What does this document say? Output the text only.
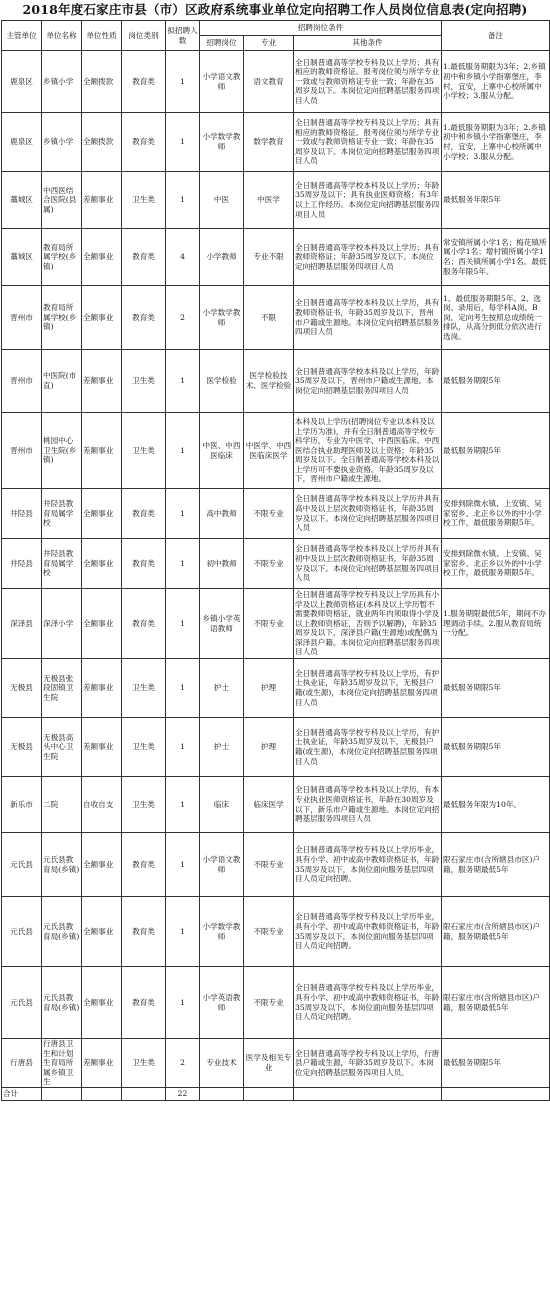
2018年度石家庄市县（市）区政府系统事业单位定向招聘工作人员岗位信息表(定向招聘)
主管单位	单位名称	单位性质	岗位类别	拟招聘人数	招聘岗位条件			备注
					招聘岗位	专业	其他条件	
鹿泉区	乡镇小学	全额拨款	教育类	1	小学语文教师	语文教育	全日制普通高等学校专科及以上学历；具有相应的教师资格证。报考岗位须与所学专业一致或与教师资格证专业一致；年龄在35周岁及以下。本岗位定向招聘基层服务四项目人员	1.最低服务期限为3年；2.乡镇初中和乡镇小学指寨堡庄，李村，宜安，上寨中心校所属中小学校；3.服从分配。
鹿泉区	乡镇小学	全额拨款	教育类	1	小学数学教师	数学教育	全日制普通高等学校专科及以上学历；具有相应的教师资格证。报考岗位须与所学专业一致或与教师资格证专业一致；年龄在35周岁及以下。本岗位定向招聘基层服务四项目人员	1.最低服务期限为3年；2.乡镇初中和乡镇小学指寨堡庄，李村，宜安，上寨中心校所属中小学校；3.服从分配。
藁城区	中西医结合医院(县属)	差额事业	卫生类	1	中医	中医学	全日制普通高等学校本科及以上学历；年龄35周岁及以下；具有执业医师资格；有3年以上工作经历。本岗位定向招聘基层服务四项目人员	最低服务年限5年
藁城区	教育局所属学校(乡镇)	全额事业	教育类	4	小学教师	专业不限	全日制普通高等学校本科及以上学历；具有教师资格证；年龄35周岁及以下。本岗位定向招聘基层服务四项目人员	常安镇所属小学1名；梅花镇所属小学1名；增村镇所属小学1名；西关镇所属小学1名。最低服务年限5年。
晋州市	教育局所属学校(乡镇)	全额事业	教育类	2	小学数学教师	不限	全日制普通高等学校本科及以上学历，具有教师资格证书，年龄35周岁及以下，晋州市户籍或生源地。本岗位定向招聘基层服务四项目人员	1、最低服务期限5年。2、选岗、录用后，每学科A岗、B岗，定向考生按照总成绩统一排队，从高分到低分依次进行选岗。
晋州市	中医院(市直)	差额事业	卫生类	1	医学检验	医学检验技术、医学检验	全日制普通高等学校本科及以上学历，年龄35周岁及以下，晋州市户籍或生源地。本岗位定向招聘基层服务四项目人员	最低服务期限5年
晋州市	桃园中心卫生院(乡镇)	差额事业	卫生类	1	中医、中西医临床	中医学、中西医临床医学	本科及以上学历(招聘岗位专业以本科及以上学历为准)，并有全日制普通高等学校专科学历，专业为中医学、中西医临床、中西医结合执业助理医师及以上资格；年龄35周岁及以下。全日制普通高等学校本科及以上学历可不要执业资格。年龄35周岁及以下，晋州市户籍或生源地。	最低服务期限5年
井陉县	井陉县教育局属学校	全额事业	教育类	1	高中教师	不限专业	全日制普通高等学校本科及以上学历并具有高中及以上层次教师资格证书，年龄35周岁及以下。本岗位定向招聘基层服务四项目人员	安排到除微水镇、上安镇、吴家窑乡、北正乡以外的中小学校工作，最低服务期限5年。
井陉县	井陉县教育局属学校	全额事业	教育类	1	初中教师	不限专业	全日制普通高等学校本科及以上学历并具有初中及以上层次教师资格证书，年龄35周岁及以下。本岗位定向招聘基层服务四项目人员	安排到除微水镇、上安镇、吴家窑乡、北正乡以外的中小学校工作，最低服务期限5年。
深泽县	深泽小学	全额事业	教育类	1	乡镇小学英语教师	不限专业	全日制普通高等学校专科及以上学历具有小学及以上教师资格证(本科及以上学历暂不需要教师资格证，就业两年内须取得小学及以上教师资格证，否则予以解聘)，年龄35周岁及以下，深泽县户籍(生源地)或配偶为深泽县户籍。本岗位定向招聘基层服务四项目人员	1.服务期限最低5年，期间不办理调动手续。2.服从教育局统一分配。
无极县	无极县张段固镇卫生院	差额事业	卫生类	1	护士	护理	全日制普通高等学校专科及以上学历，有护士执业证，年龄35周岁及以下，无极县户籍(或生源)，本岗位定向招聘基层服务四项目人员	最低服务期限5年
无极县	无极县高头中心卫生院	差额事业	卫生类	1	护士	护理	全日制普通高等学校专科及以上学历，有护士执业证，年龄35周岁及以下，无极县户籍(或生源)，本岗位定向招聘基层服务四项目人员	最低服务期限5年
新乐市	二院	自收自支	卫生类	1	临床	临床医学	全日制普通高等学校本科及以上学历，有本专业执业医师资格证书，年龄在30周岁及以下，新乐市户籍或生源地。本岗位定向招聘基层服务四项目人员	最低服务年限为10年。
元氏县	元氏县教育局(乡镇)	全额事业	教育类	1	小学语文教师	不限专业	全日制普通高等学校专科及以上学历毕业，具有小学、初中或高中教师资格证书，年龄35周岁及以下，本岗位面向服务基层四项目人员定向招聘。	限石家庄市(含所辖县市区)户籍，服务期最低5年
元氏县	元氏县教育局(乡镇)	全额事业	教育类	1	小学数学教师	不限专业	全日制普通高等学校专科及以上学历毕业，具有小学、初中或高中教师资格证书，年龄35周岁及以下，本岗位面向服务基层四项目人员定向招聘。	限石家庄市(含所辖县市区)户籍，服务期最低5年
元氏县	元氏县教育局(乡镇)	全额事业	教育类	1	小学英语教师	不限专业	全日制普通高等学校专科及以上学历毕业，具有小学、初中或高中教师资格证书，年龄35周岁及以下，本岗位面向服务基层四项目人员定向招聘。	限石家庄市(含所辖县市区)户籍，服务期最低5年
行唐县	行唐县卫生和计划生育局所属乡镇卫生	差额事业	卫生类	2	专业技术	医学及相关专业	全日制普通高等学校专科及以上学历，行唐县户籍或生源，年龄35周岁及以下。本岗位定向招聘基层服务四项目人员。	最低服务期限5年
合计				22				
